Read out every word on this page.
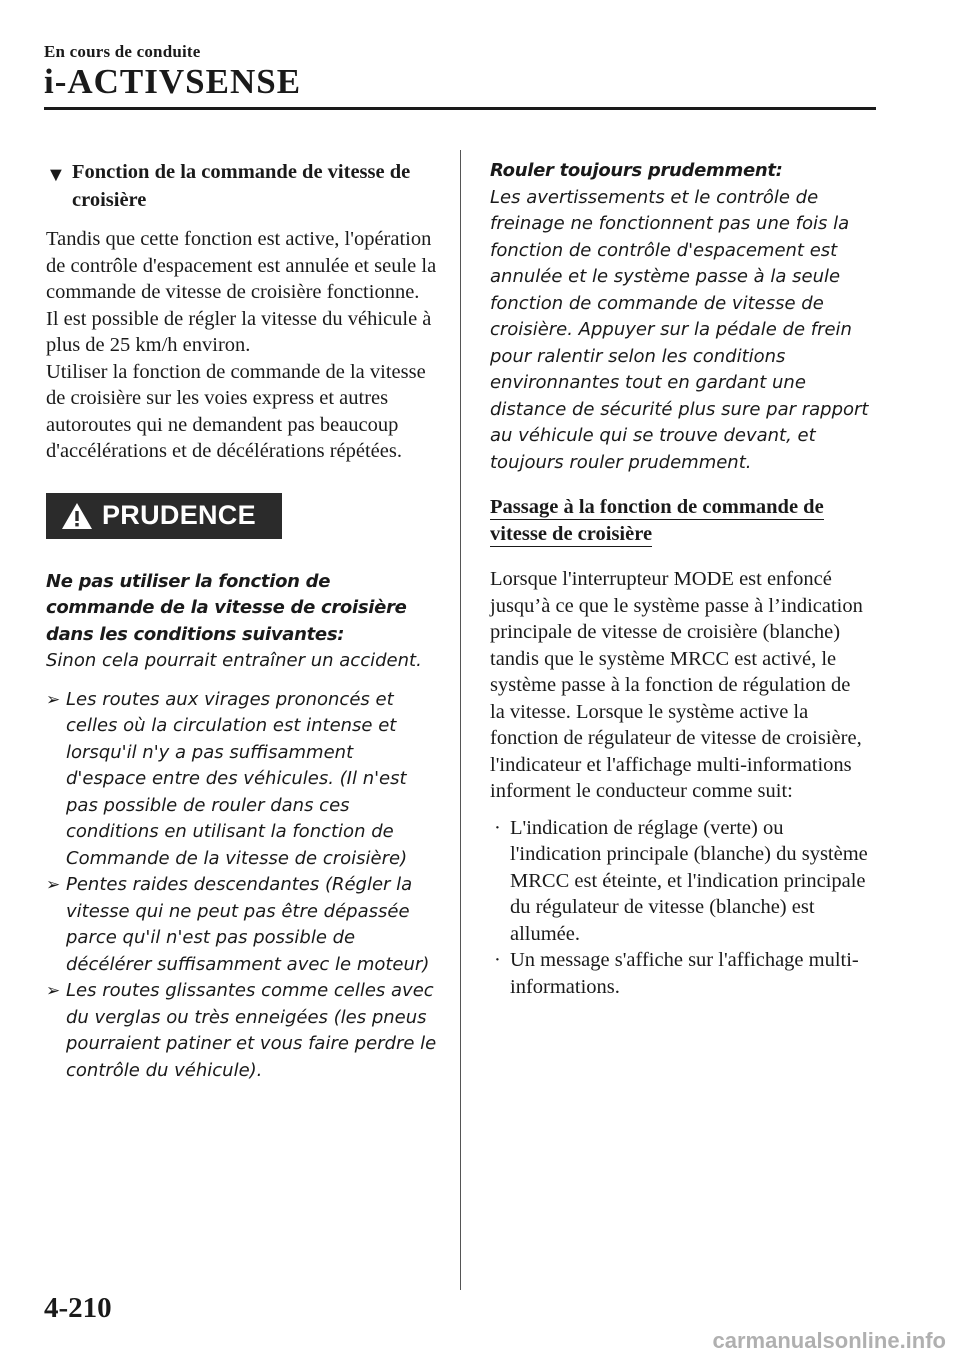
En cours de conduite
i-ACTIVSENSE
▼ Fonction de la commande de vitesse de croisière

Tandis que cette fonction est active, l'opération de contrôle d'espacement est annulée et seule la commande de vitesse de croisière fonctionne.
Il est possible de régler la vitesse du véhicule à plus de 25 km/h environ.
Utiliser la fonction de commande de la vitesse de croisière sur les voies express et autres autoroutes qui ne demandent pas beaucoup d'accélérations et de décélérations répétées.

PRUDENCE
Ne pas utiliser la fonction de commande de la vitesse de croisière dans les conditions suivantes:
Sinon cela pourrait entraîner un accident.
➢ Les routes aux virages prononcés et celles où la circulation est intense et lorsqu'il n'y a pas suffisamment d'espace entre des véhicules. (Il n'est pas possible de rouler dans ces conditions en utilisant la fonction de Commande de la vitesse de croisière)
➢ Pentes raides descendantes (Régler la vitesse qui ne peut pas être dépassée parce qu'il n'est pas possible de décélérer suffisamment avec le moteur)
➢ Les routes glissantes comme celles avec du verglas ou très enneigées (les pneus pourraient patiner et vous faire perdre le contrôle du véhicule).
Rouler toujours prudemment:
Les avertissements et le contrôle de freinage ne fonctionnent pas une fois la fonction de contrôle d'espacement est annulée et le système passe à la seule fonction de commande de vitesse de croisière. Appuyer sur la pédale de frein pour ralentir selon les conditions environnantes tout en gardant une distance de sécurité plus sure par rapport au véhicule qui se trouve devant, et toujours rouler prudemment.
Passage à la fonction de commande de vitesse de croisière

Lorsque l'interrupteur MODE est enfoncé jusqu’à ce que le système passe à l’indication principale de vitesse de croisière (blanche) tandis que le système MRCC est activé, le système passe à la fonction de régulation de la vitesse. Lorsque le système active la fonction de régulateur de vitesse de croisière, l'indicateur et l'affichage multi-informations informent le conducteur comme suit:

· L'indication de réglage (verte) ou l'indication principale (blanche) du système MRCC est éteinte, et l'indication principale du régulateur de vitesse (blanche) est allumée.
· Un message s'affiche sur l'affichage multi-informations.
4-210
carmanualsonline.info
